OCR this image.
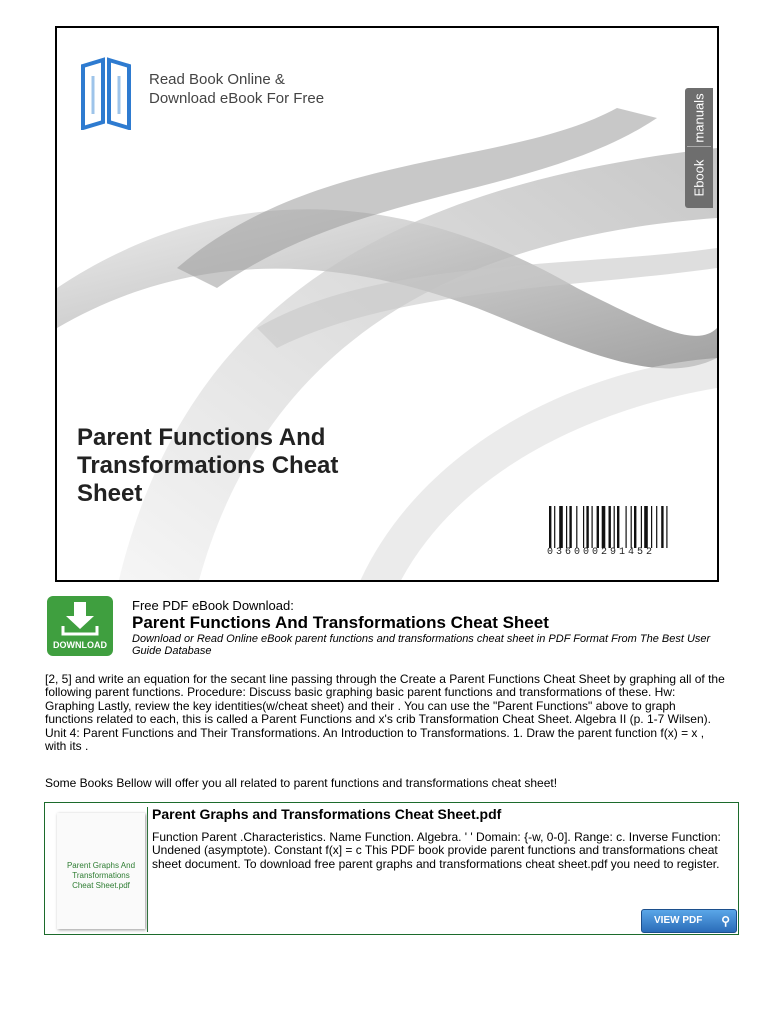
Read Book Online &
Download eBook For Free	manuals
Ebook
Parent Functions And Transformations Cheat Sheet
036000291452
DOWNLOAD
Free PDF eBook Download:
Parent Functions And Transformations Cheat Sheet
Download or Read Online eBook parent functions and transformations cheat sheet in PDF Format From The Best User Guide Database
[2, 5] and write an equation for the secant line passing through the Create a Parent Functions Cheat Sheet by graphing all of the following parent functions. Procedure: Discuss basic graphing basic parent functions and transformations of these. Hw: Graphing Lastly, review the key identities(w/cheat sheet) and their . You can use the "Parent Functions" above to graph functions related to each, this is called a Parent Functions and x's crib Transformation Cheat Sheet. Algebra II (p. 1-7 Wilsen). Unit 4: Parent Functions and Their Transformations. An Introduction to Transformations. 1. Draw the parent function f(x) = x , with its .
Some Books Bellow will offer you all related to parent functions and transformations cheat sheet!
Parent Graphs And Transformations Cheat Sheet.pdf
Parent Graphs and Transformations Cheat Sheet.pdf
Function Parent .Characteristics. Name Function. Algebra. ' ' Domain: {-w, 0-0]. Range: c. Inverse Function: Undened (asymptote). Constant f(x] = c This PDF book provide parent functions and transformations cheat sheet document. To download free parent graphs and transformations cheat sheet.pdf you need to register.
VIEW PDF ⚲
